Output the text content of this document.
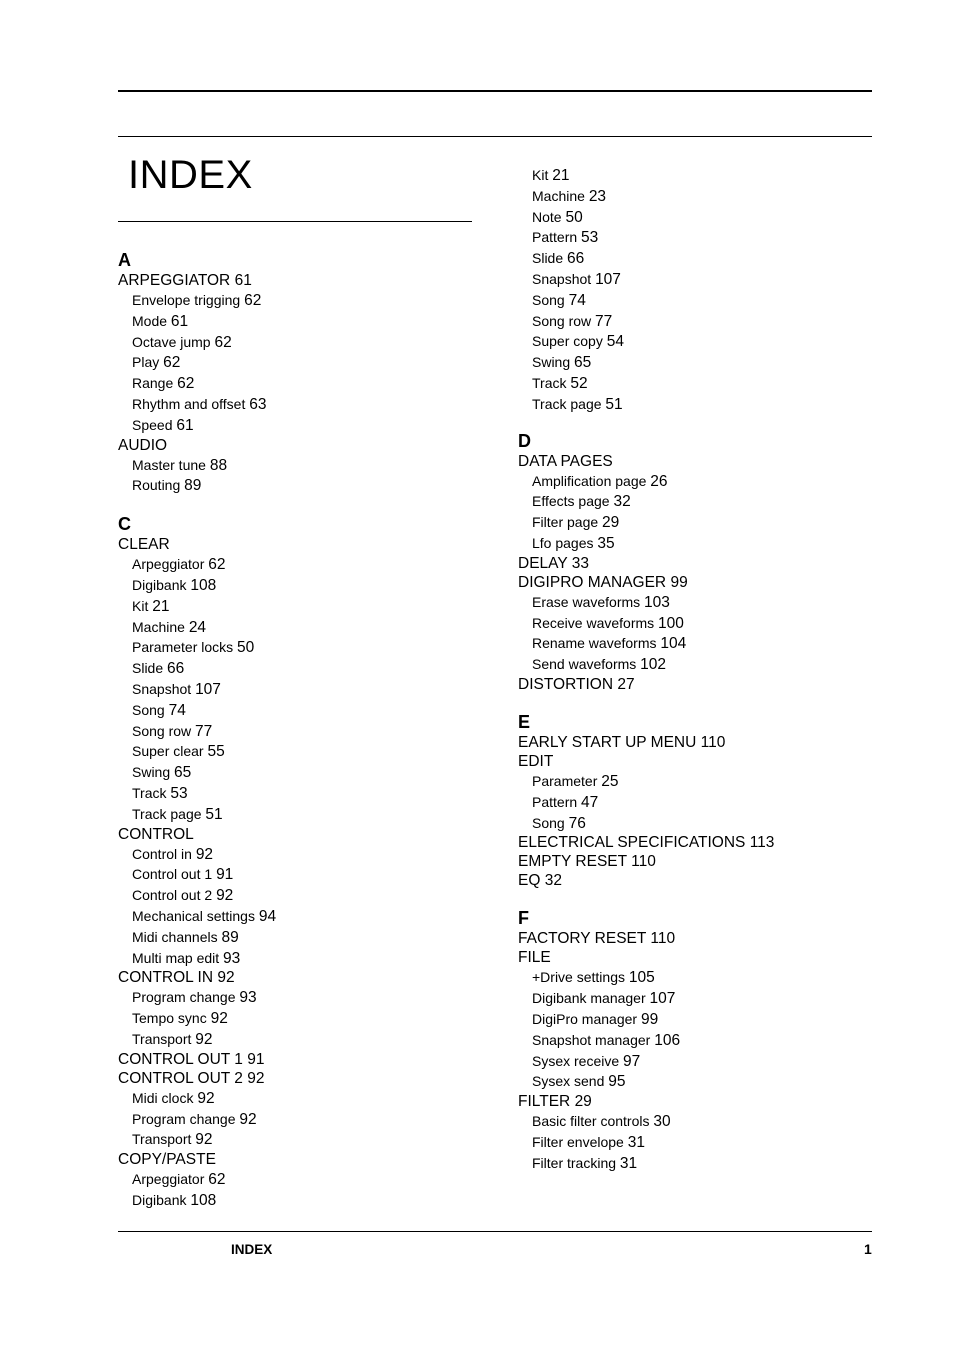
INDEX
A
ARPEGGIATOR 61
Envelope trigging 62
Mode 61
Octave jump 62
Play 62
Range 62
Rhythm and offset 63
Speed 61
AUDIO
Master tune 88
Routing 89
C
CLEAR
Arpeggiator 62
Digibank 108
Kit 21
Machine 24
Parameter locks 50
Slide 66
Snapshot 107
Song 74
Song row 77
Super clear 55
Swing 65
Track 53
Track page 51
CONTROL
Control in 92
Control out 1 91
Control out 2 92
Mechanical settings 94
Midi channels 89
Multi map edit 93
CONTROL IN 92
Program change 93
Tempo sync 92
Transport 92
CONTROL OUT 1 91
CONTROL OUT 2 92
Midi clock 92
Program change 92
Transport 92
COPY/PASTE
Arpeggiator 62
Digibank 108
Kit 21
Machine 23
Note 50
Pattern 53
Slide 66
Snapshot 107
Song 74
Song row 77
Super copy 54
Swing 65
Track 52
Track page 51
D
DATA PAGES
Amplification page 26
Effects page 32
Filter page 29
Lfo pages 35
DELAY 33
DIGIPRO MANAGER 99
Erase waveforms 103
Receive waveforms 100
Rename waveforms 104
Send waveforms 102
DISTORTION 27
E
EARLY START UP MENU 110
EDIT
Parameter 25
Pattern 47
Song 76
ELECTRICAL SPECIFICATIONS 113
EMPTY RESET 110
EQ 32
F
FACTORY RESET 110
FILE
+Drive settings 105
Digibank manager 107
DigiPro manager 99
Snapshot manager 106
Sysex receive 97
Sysex send 95
FILTER 29
Basic filter controls 30
Filter envelope 31
Filter tracking 31
INDEX	1
